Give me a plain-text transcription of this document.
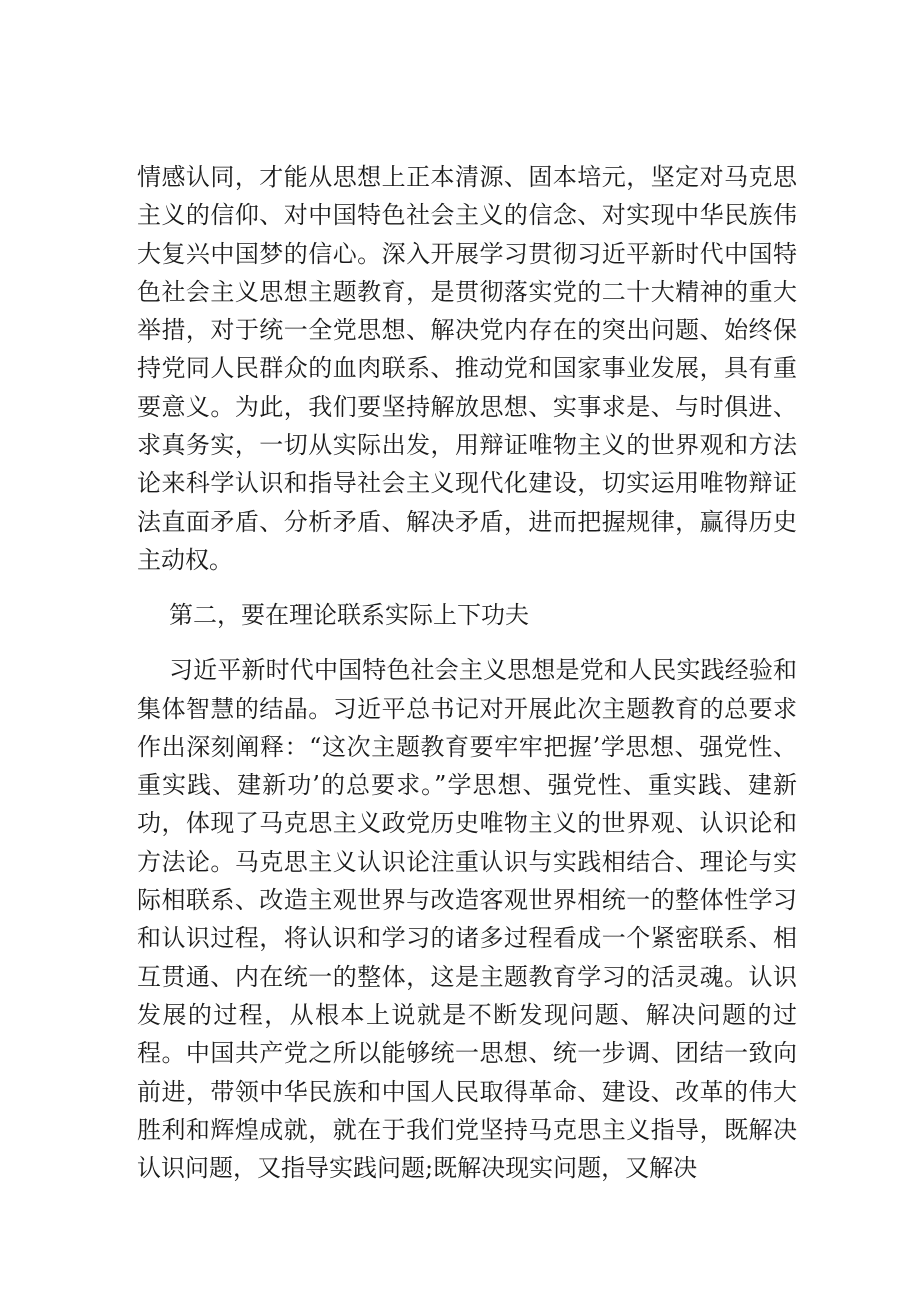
情感认同，才能从思想上正本清源、固本培元，坚定对马克思主义的信仰、对中国特色社会主义的信念、对实现中华民族伟大复兴中国梦的信心。深入开展学习贯彻习近平新时代中国特色社会主义思想主题教育，是贯彻落实党的二十大精神的重大举措，对于统一全党思想、解决党内存在的突出问题、始终保持党同人民群众的血肉联系、推动党和国家事业发展，具有重要意义。为此，我们要坚持解放思想、实事求是、与时俱进、求真务实，一切从实际出发，用辩证唯物主义的世界观和方法论来科学认识和指导社会主义现代化建设，切实运用唯物辩证法直面矛盾、分析矛盾、解决矛盾，进而把握规律，赢得历史主动权。

第二，要在理论联系实际上下功夫

习近平新时代中国特色社会主义思想是党和人民实践经验和集体智慧的结晶。习近平总书记对开展此次主题教育的总要求作出深刻阐释：“这次主题教育要牢牢把握’学思想、强党性、重实践、建新功’的总要求。”学思想、强党性、重实践、建新功，体现了马克思主义政党历史唯物主义的世界观、认识论和方法论。马克思主义认识论注重认识与实践相结合、理论与实际相联系、改造主观世界与改造客观世界相统一的整体性学习和认识过程，将认识和学习的诸多过程看成一个紧密联系、相互贯通、内在统一的整体，这是主题教育学习的活灵魂。认识发展的过程，从根本上说就是不断发现问题、解决问题的过程。中国共产党之所以能够统一思想、统一步调、团结一致向前进，带领中华民族和中国人民取得革命、建设、改革的伟大胜利和辉煌成就，就在于我们党坚持马克思主义指导，既解决认识问题，又指导实践问题;既解决现实问题，又解决
